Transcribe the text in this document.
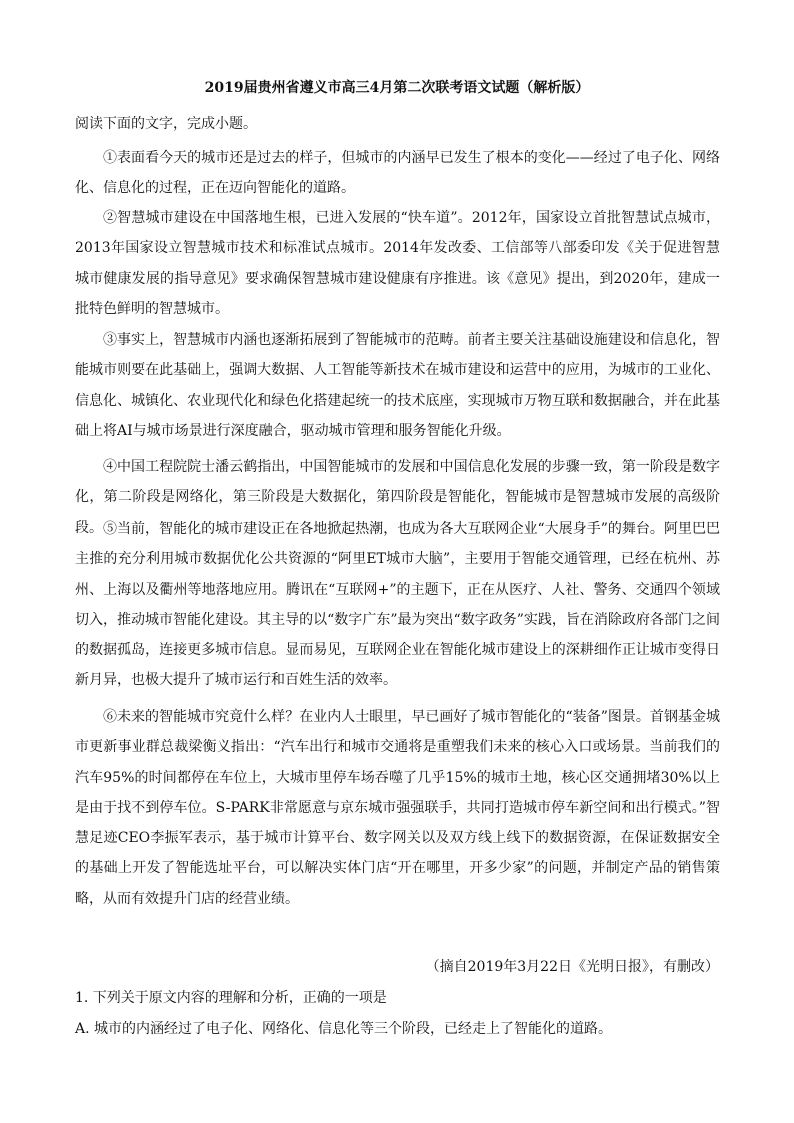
2019届贵州省遵义市高三4月第二次联考语文试题（解析版）
阅读下面的文字，完成小题。

①表面看今天的城市还是过去的样子，但城市的内涵早已发生了根本的变化——经过了电子化、网络化、信息化的过程，正在迈向智能化的道路。

②智慧城市建设在中国落地生根，已进入发展的“快车道”。2012年，国家设立首批智慧试点城市，2013年国家设立智慧城市技术和标准试点城市。2014年发改委、工信部等八部委印发《关于促进智慧城市健康发展的指导意见》要求确保智慧城市建设健康有序推进。该《意见》提出，到2020年，建成一批特色鲜明的智慧城市。

③事实上，智慧城市内涵也逐渐拓展到了智能城市的范畴。前者主要关注基础设施建设和信息化，智能城市则要在此基础上，强调大数据、人工智能等新技术在城市建设和运营中的应用，为城市的工业化、信息化、城镇化、农业现代化和绿色化搭建起统一的技术底座，实现城市万物互联和数据融合，并在此基础上将AI与城市场景进行深度融合，驱动城市管理和服务智能化升级。

④中国工程院院士潘云鹤指出，中国智能城市的发展和中国信息化发展的步骤一致，第一阶段是数字化，第二阶段是网络化，第三阶段是大数据化，第四阶段是智能化，智能城市是智慧城市发展的高级阶段。 ⑤当前，智能化的城市建设正在各地掀起热潮，也成为各大互联网企业“大展身手”的舞台。阿里巴巴主推的充分利用城市数据优化公共资源的“阿里ET城市大脑”，主要用于智能交通管理，已经在杭州、苏州、上海以及衢州等地落地应用。腾讯在“互联网+”的主题下，正在从医疗、人社、警务、交通四个领域切入，推动城市智能化建设。其主导的以“数字广东”最为突出“数字政务”实践，旨在消除政府各部门之间的数据孤岛，连接更多城市信息。显而易见，互联网企业在智能化城市建设上的深耕细作正让城市变得日新月异，也极大提升了城市运行和百姓生活的效率。

⑥未来的智能城市究竟什么样？在业内人士眼里，早已画好了城市智能化的“装备”图景。首钢基金城市更新事业群总裁梁衡义指出：“汽车出行和城市交通将是重塑我们未来的核心入口或场景。当前我们的汽车95%的时间都停在车位上，大城市里停车场吞噬了几乎15%的城市土地，核心区交通拥堵30%以上是由于找不到停车位。S-PARK非常愿意与京东城市强强联手，共同打造城市停车新空间和出行模式。”智慧足迹CEO李振军表示，基于城市计算平台、数字网关以及双方线上线下的数据资源，在保证数据安全的基础上开发了智能选址平台，可以解决实体门店“开在哪里，开多少家”的问题，并制定产品的销售策略，从而有效提升门店的经营业绩。

（摘自2019年3月22日《光明日报》，有删改）
1. 下列关于原文内容的理解和分析，正确的一项是
A. 城市的内涵经过了电子化、网络化、信息化等三个阶段，已经走上了智能化的道路。
